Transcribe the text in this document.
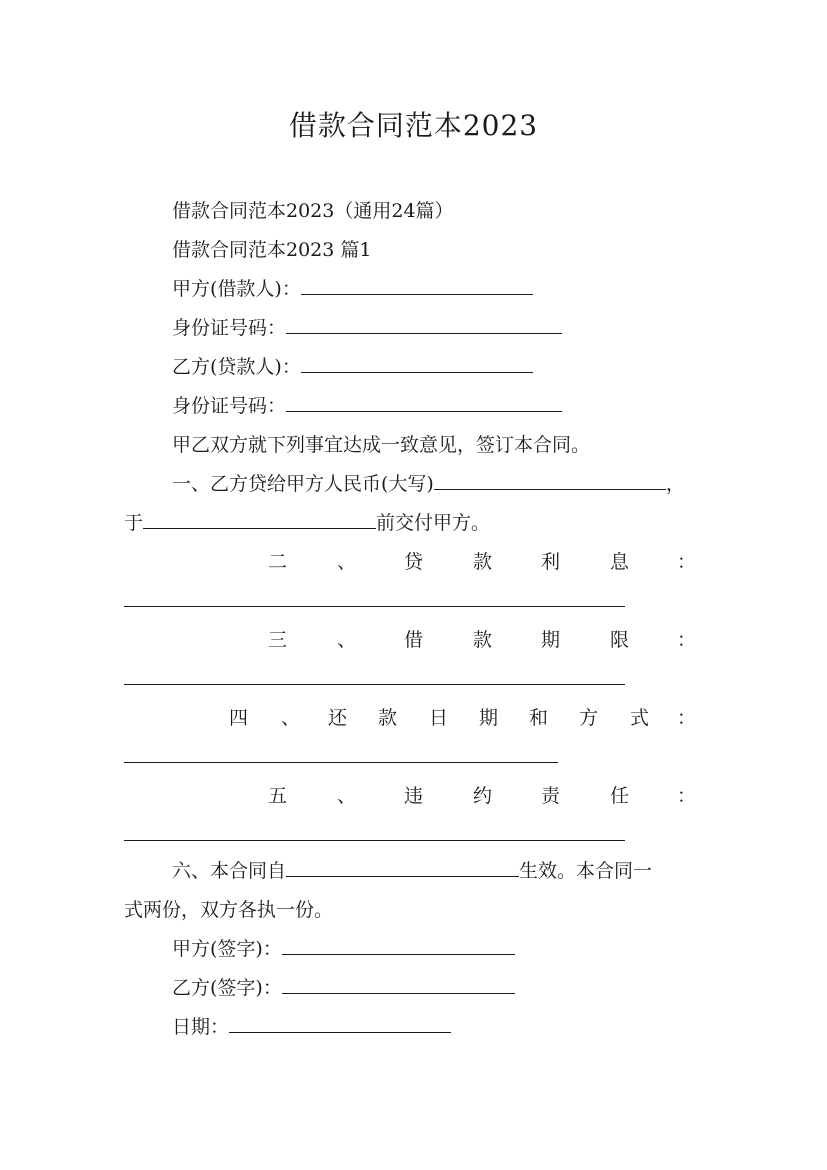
借款合同范本2023
借款合同范本2023（通用24篇）
借款合同范本2023 篇1
甲方(借款人)：
身份证号码：
乙方(贷款人)：
身份证号码：
甲乙双方就下列事宜达成一致意见，签订本合同。
一、乙方贷给甲方人民币(大写)	，
于	前交付甲方。
二	、	贷	款	利	息	：
三	、	借	款	期	限	：
四 、 还 款 日 期 和 方 式 ：
五	、	违	约	责	任	：
六、本合同自	生效。本合同一
式两份，双方各执一份。
甲方(签字)：
乙方(签字)：
日期：
